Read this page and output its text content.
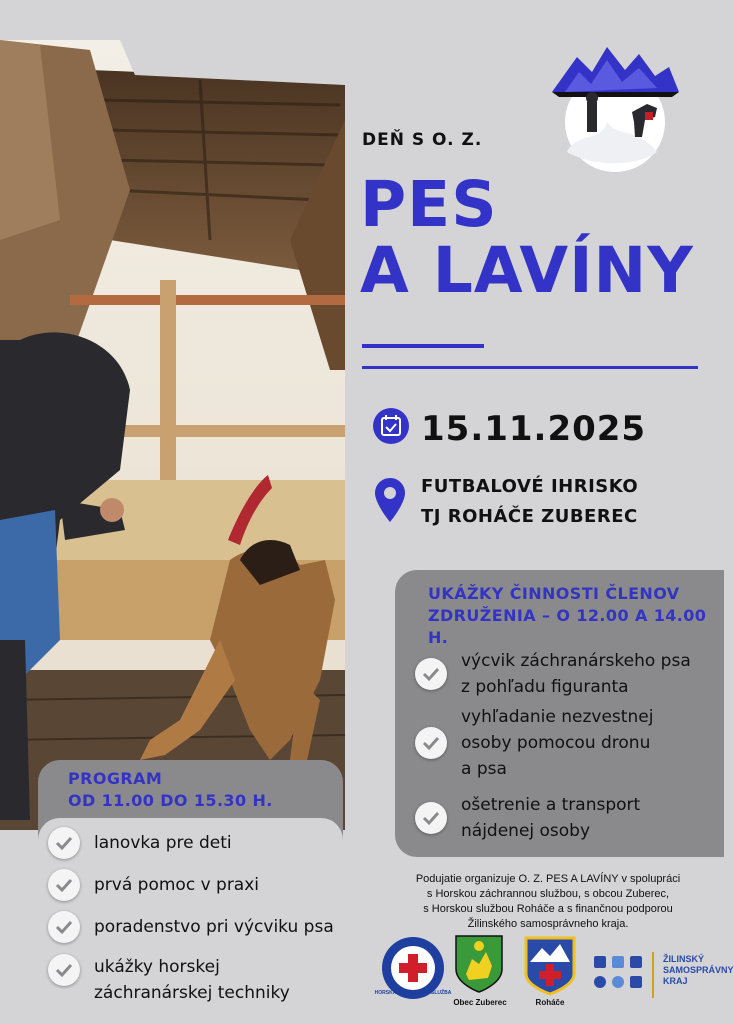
DEŇ S O. Z.
PES
A LAVÍNY
15.11.2025
FUTBALOVÉ IHRISKO
TJ ROHÁČE ZUBEREC
UKÁŽKY ČINNOSTI ČLENOV
ZDRUŽENIA – O 12.00 A 14.00 H.
výcvik záchranárskeho psa
z pohľadu figuranta
vyhľadanie nezvestnej
osoby pomocou dronu
a psa
ošetrenie a transport
nájdenej osoby
PROGRAM
OD 11.00 DO 15.30 H.
lanovka pre deti
prvá pomoc v praxi
poradenstvo pri výcviku psa
ukážky horskej
záchranárskej techniky
Podujatie organizuje O. Z. PES A LAVÍNY v spolupráci
s Horskou záchrannou službou, s obcou Zuberec,
s Horskou službou Roháče a s finančnou podporou
Žilinského samosprávneho kraja.
HORSKÁ ZÁCHRANNÁ SLUŽBA
Obec Zuberec	Roháče
ŽILINSKÝ
SAMOSPRÁVNY
KRAJ
